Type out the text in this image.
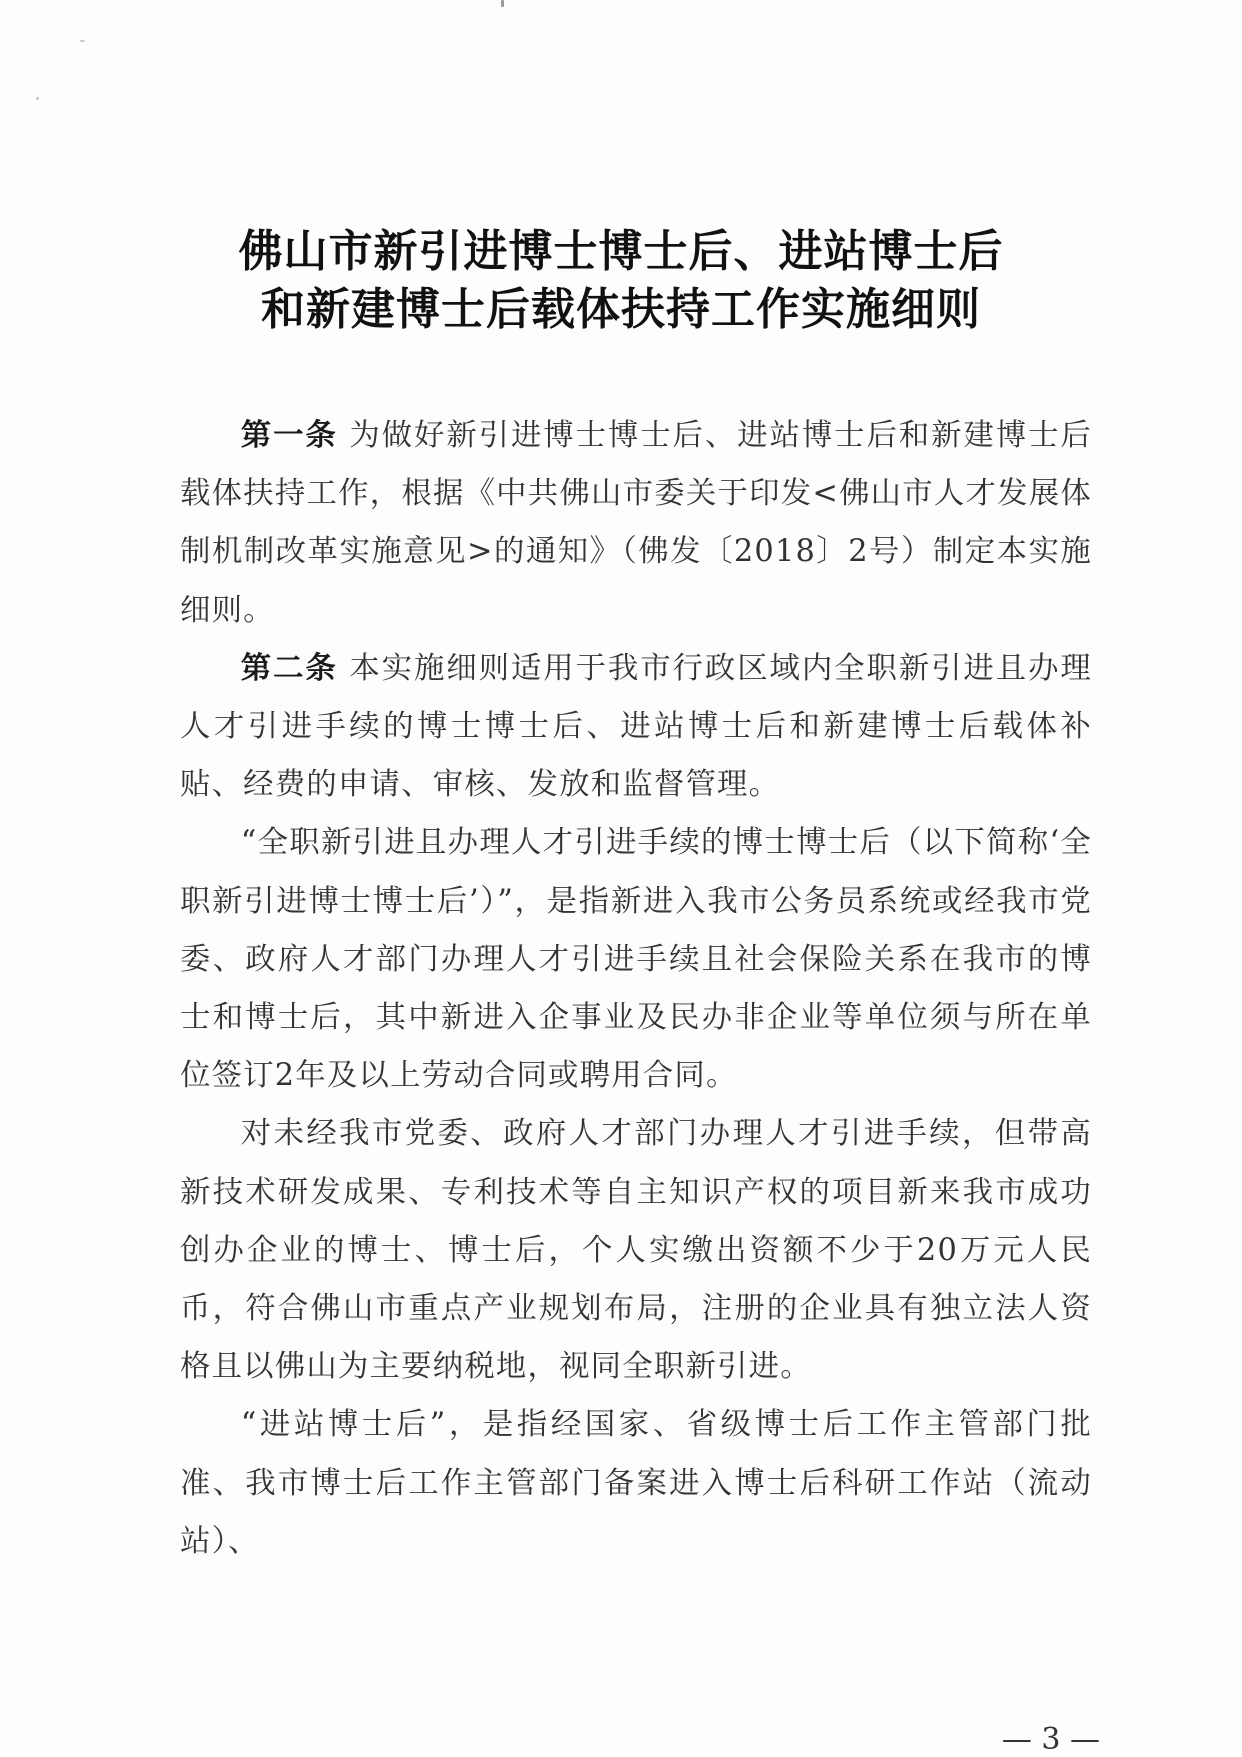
佛山市新引进博士博士后、进站博士后
和新建博士后载体扶持工作实施细则

第一条 为做好新引进博士博士后、进站博士后和新建博士后载体扶持工作，根据《中共佛山市委关于印发<佛山市人才发展体制机制改革实施意见>的通知》（佛发〔2018〕2号）制定本实施细则。

第二条 本实施细则适用于我市行政区域内全职新引进且办理人才引进手续的博士博士后、进站博士后和新建博士后载体补贴、经费的申请、审核、发放和监督管理。

“全职新引进且办理人才引进手续的博士博士后（以下简称‘全职新引进博士博士后’）”，是指新进入我市公务员系统或经我市党委、政府人才部门办理人才引进手续且社会保险关系在我市的博士和博士后，其中新进入企事业及民办非企业等单位须与所在单位签订2年及以上劳动合同或聘用合同。

对未经我市党委、政府人才部门办理人才引进手续，但带高新技术研发成果、专利技术等自主知识产权的项目新来我市成功创办企业的博士、博士后，个人实缴出资额不少于20万元人民币，符合佛山市重点产业规划布局，注册的企业具有独立法人资格且以佛山为主要纳税地，视同全职新引进。

“进站博士后”，是指经国家、省级博士后工作主管部门批准、我市博士后工作主管部门备案进入博士后科研工作站（流动站）、

— 3 —
